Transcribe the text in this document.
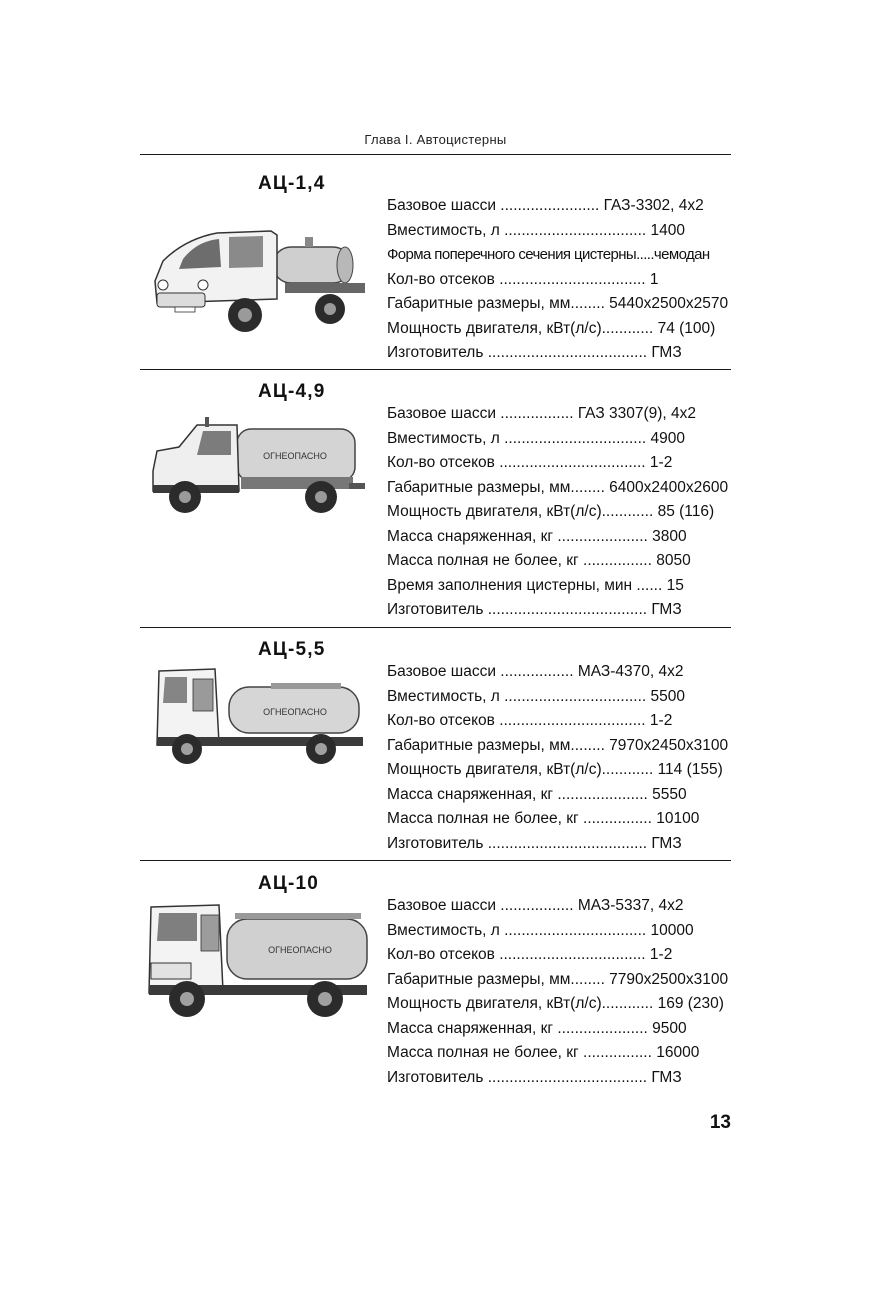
Глава I. Автоцистерны
АЦ-1,4
Базовое шасси ....................... ГАЗ-3302, 4x2
Вместимость, л ................................. 1400
Форма поперечного сечения цистерны.....чемодан
Кол-во отсеков .................................. 1
Габаритные размеры, мм........ 5440x2500x2570
Мощность двигателя, кВт(л/с)............ 74 (100)
Изготовитель ..................................... ГМЗ
АЦ-4,9
ОГНЕОПАСНО
Базовое шасси ................. ГАЗ 3307(9), 4x2
Вместимость, л ................................. 4900
Кол-во отсеков .................................. 1-2
Габаритные размеры, мм........ 6400x2400x2600
Мощность двигателя, кВт(л/с)............ 85 (116)
Масса снаряженная, кг ..................... 3800
Масса полная не более, кг ................ 8050
Время заполнения цистерны, мин ...... 15
Изготовитель ..................................... ГМЗ
АЦ-5,5
ОГНЕОПАСНО
Базовое шасси ................. МАЗ-4370, 4x2
Вместимость, л ................................. 5500
Кол-во отсеков .................................. 1-2
Габаритные размеры, мм........ 7970x2450x3100
Мощность двигателя, кВт(л/с)............ 114 (155)
Масса снаряженная, кг ..................... 5550
Масса полная не более, кг ................ 10100
Изготовитель ..................................... ГМЗ
АЦ-10
ОГНЕОПАСНО
Базовое шасси ................. МАЗ-5337, 4x2
Вместимость, л ................................. 10000
Кол-во отсеков .................................. 1-2
Габаритные размеры, мм........ 7790x2500x3100
Мощность двигателя, кВт(л/с)............ 169 (230)
Масса снаряженная, кг ..................... 9500
Масса полная не более, кг ................ 16000
Изготовитель ..................................... ГМЗ
13
